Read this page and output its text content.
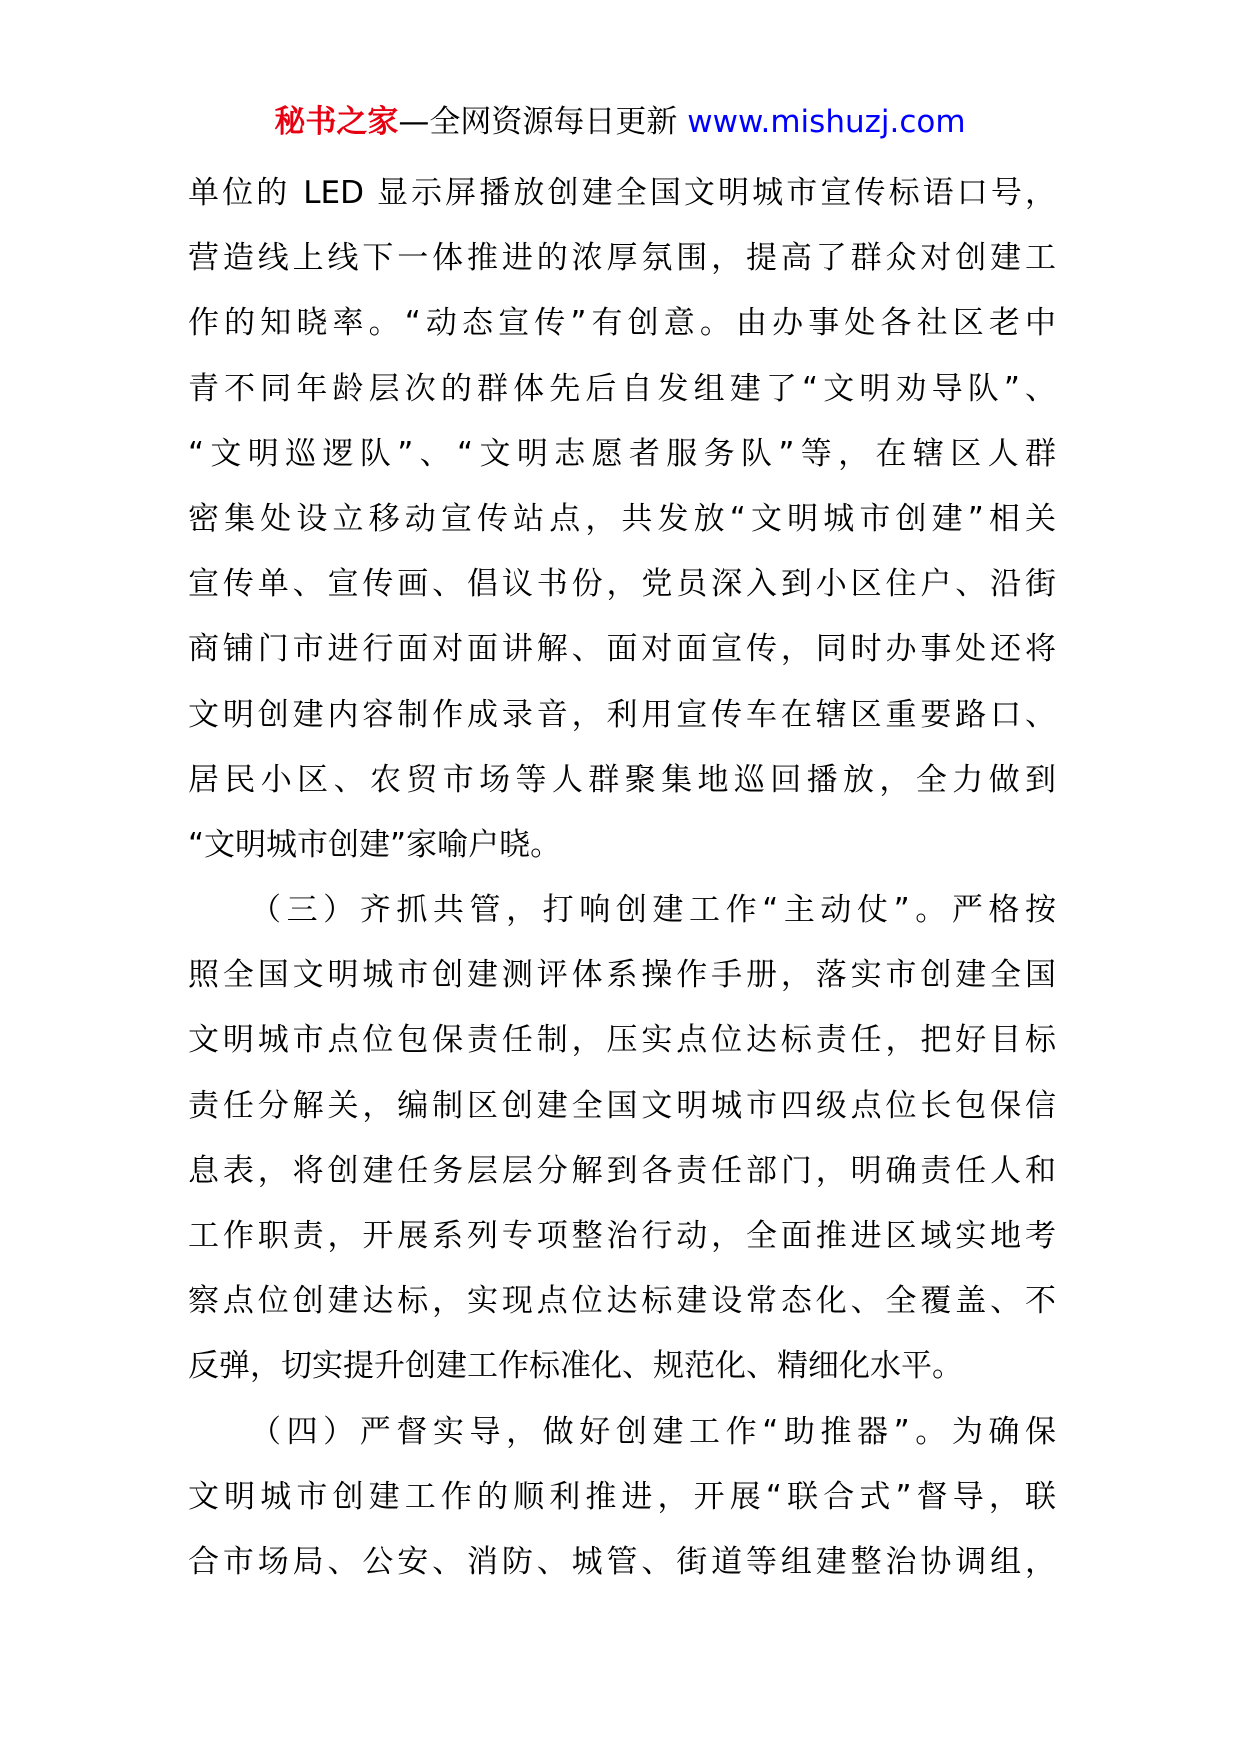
秘书之家—全网资源每日更新 www.mishuzj.com
单位的 LED 显示屏播放创建全国文明城市宣传标语口号，
营造线上线下一体推进的浓厚氛围，提高了群众对创建工
作的知晓率。“动态宣传”有创意。由办事处各社区老中
青不同年龄层次的群体先后自发组建了“文明劝导队”、
“文明巡逻队”、“文明志愿者服务队”等，在辖区人群
密集处设立移动宣传站点，共发放“文明城市创建”相关
宣传单、宣传画、倡议书份，党员深入到小区住户、沿街
商铺门市进行面对面讲解、面对面宣传，同时办事处还将
文明创建内容制作成录音，利用宣传车在辖区重要路口、
居民小区、农贸市场等人群聚集地巡回播放，全力做到
“文明城市创建”家喻户晓。
（三）齐抓共管，打响创建工作“主动仗”。严格按
照全国文明城市创建测评体系操作手册，落实市创建全国
文明城市点位包保责任制，压实点位达标责任，把好目标
责任分解关，编制区创建全国文明城市四级点位长包保信
息表，将创建任务层层分解到各责任部门，明确责任人和
工作职责，开展系列专项整治行动，全面推进区域实地考
察点位创建达标，实现点位达标建设常态化、全覆盖、不
反弹，切实提升创建工作标准化、规范化、精细化水平。
（四）严督实导，做好创建工作“助推器”。为确保
文明城市创建工作的顺利推进，开展“联合式”督导，联
合市场局、公安、消防、城管、街道等组建整治协调组，
